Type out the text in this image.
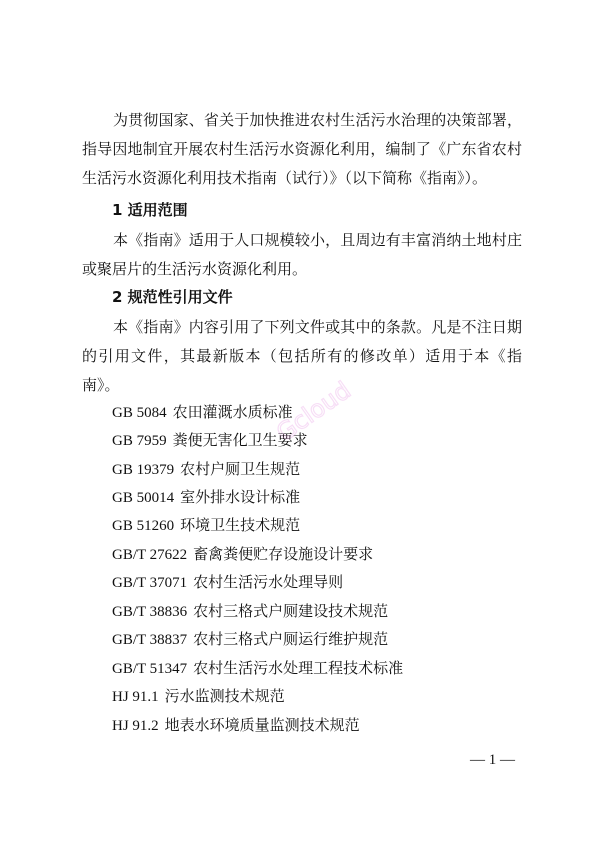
为贯彻国家、省关于加快推进农村生活污水治理的决策部署，指导因地制宜开展农村生活污水资源化利用，编制了《广东省农村生活污水资源化利用技术指南（试行）》（以下简称《指南》）。
1 适用范围
本《指南》适用于人口规模较小，且周边有丰富消纳土地村庄或聚居片的生活污水资源化利用。
2 规范性引用文件
本《指南》内容引用了下列文件或其中的条款。凡是不注日期的引用文件，其最新版本（包括所有的修改单）适用于本《指南》。
GB 5084 农田灌溉水质标准
GB 7959 粪便无害化卫生要求
GB 19379 农村户厕卫生规范
GB 50014 室外排水设计标准
GB 51260 环境卫生技术规范
GB/T 27622 畜禽粪便贮存设施设计要求
GB/T 37071 农村生活污水处理导则
GB/T 38836 农村三格式户厕建设技术规范
GB/T 38837 农村三格式户厕运行维护规范
GB/T 51347 农村生活污水处理工程技术标准
HJ 91.1 污水监测技术规范
HJ 91.2 地表水环境质量监测技术规范
— 1 —
Gcloud
